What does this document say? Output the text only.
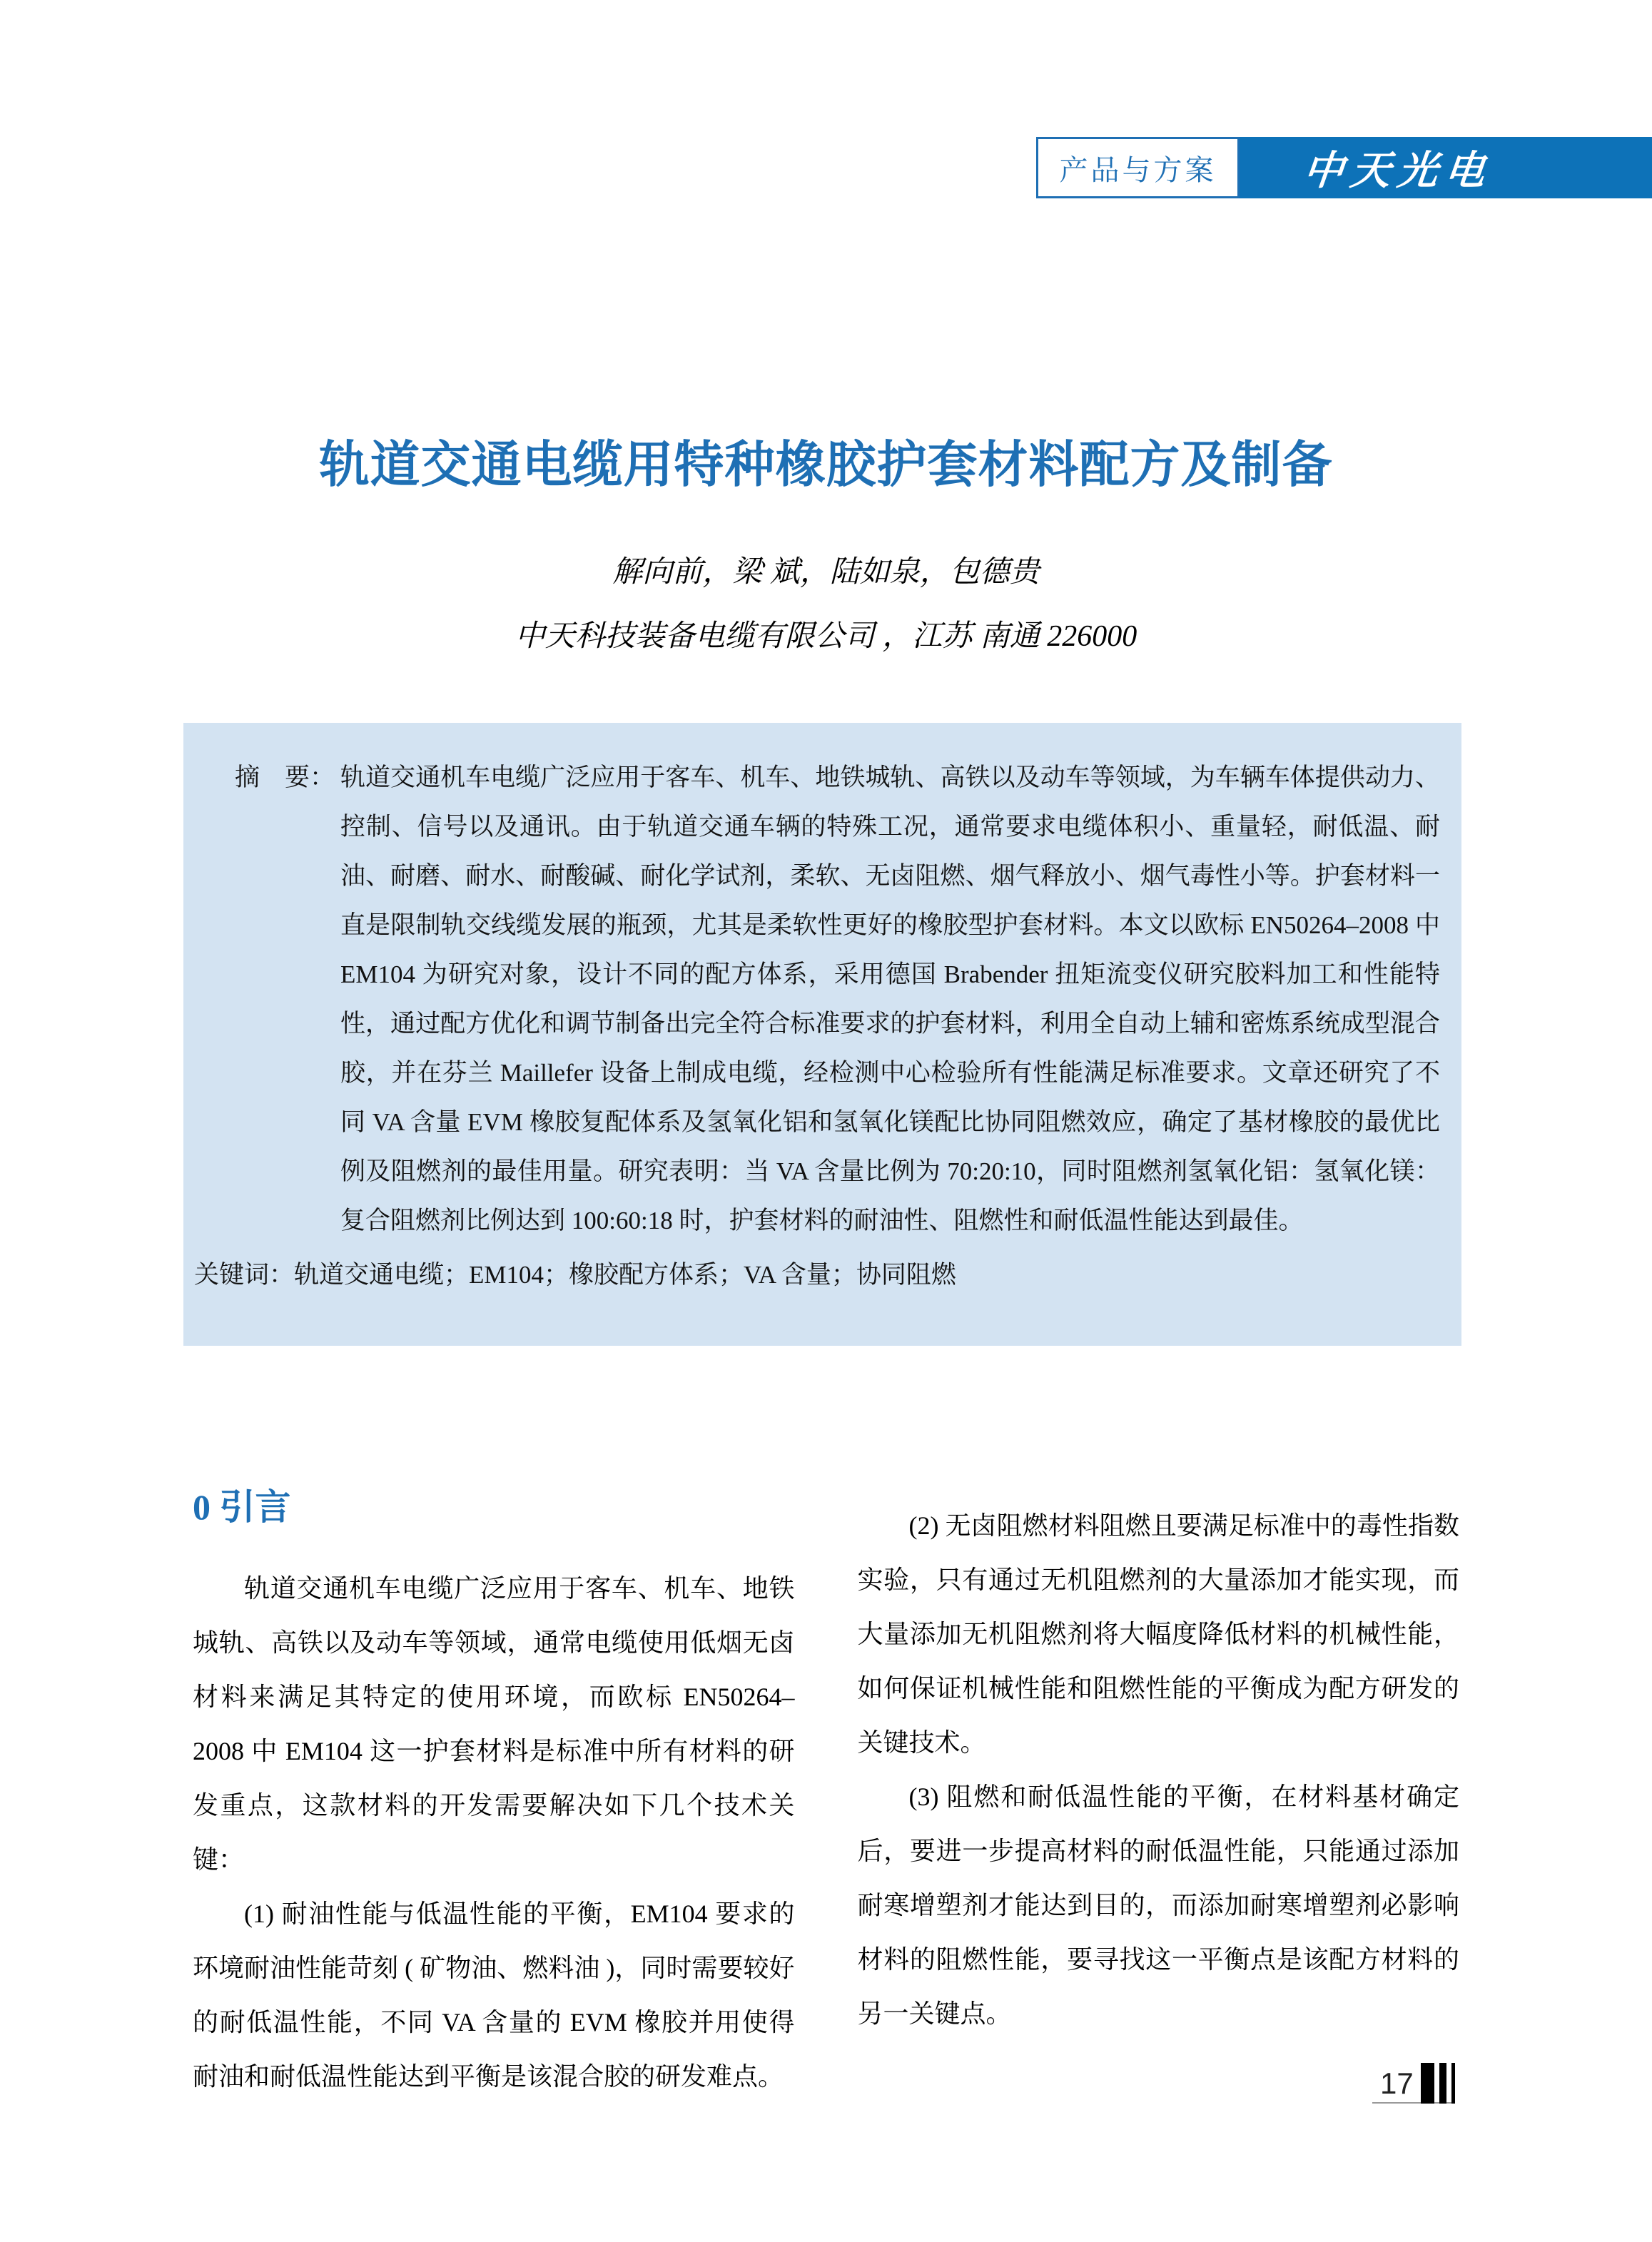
产品与方案 中天光电
轨道交通电缆用特种橡胶护套材料配方及制备

解向前，梁 斌，陆如泉，包德贵

中天科技装备电缆有限公司 ，江苏 南通 226000

摘　要： 轨道交通机车电缆广泛应用于客车、机车、地铁城轨、高铁以及动车等领域，为车辆车体提供动力、控制、信号以及通讯。由于轨道交通车辆的特殊工况，通常要求电缆体积小、重量轻，耐低温、耐油、耐磨、耐水、耐酸碱、耐化学试剂，柔软、无卤阻燃、烟气释放小、烟气毒性小等。护套材料一直是限制轨交线缆发展的瓶颈，尤其是柔软性更好的橡胶型护套材料。本文以欧标 EN50264–2008 中 EM104 为研究对象，设计不同的配方体系，采用德国 Brabender 扭矩流变仪研究胶料加工和性能特性，通过配方优化和调节制备出完全符合标准要求的护套材料，利用全自动上辅和密炼系统成型混合胶，并在芬兰 Maillefer 设备上制成电缆，经检测中心检验所有性能满足标准要求。文章还研究了不同 VA 含量 EVM 橡胶复配体系及氢氧化铝和氢氧化镁配比协同阻燃效应，确定了基材橡胶的最优比例及阻燃剂的最佳用量。研究表明：当 VA 含量比例为 70:20:10，同时阻燃剂氢氧化铝：氢氧化镁：复合阻燃剂比例达到 100:60:18 时，护套材料的耐油性、阻燃性和耐低温性能达到最佳。
关键词：轨道交通电缆；EM104；橡胶配方体系；VA 含量；协同阻燃
0 引言

轨道交通机车电缆广泛应用于客车、机车、地铁城轨、高铁以及动车等领域，通常电缆使用低烟无卤材料来满足其特定的使用环境，而欧标 EN50264–2008 中 EM104 这一护套材料是标准中所有材料的研发重点，这款材料的开发需要解决如下几个技术关键：

(1) 耐油性能与低温性能的平衡，EM104 要求的环境耐油性能苛刻 ( 矿物油、燃料油 )，同时需要较好的耐低温性能，不同 VA 含量的 EVM 橡胶并用使得耐油和耐低温性能达到平衡是该混合胶的研发难点。

(2) 无卤阻燃材料阻燃且要满足标准中的毒性指数实验，只有通过无机阻燃剂的大量添加才能实现，而大量添加无机阻燃剂将大幅度降低材料的机械性能，如何保证机械性能和阻燃性能的平衡成为配方研发的关键技术。

(3) 阻燃和耐低温性能的平衡，在材料基材确定后，要进一步提高材料的耐低温性能，只能通过添加耐寒增塑剂才能达到目的，而添加耐寒增塑剂必影响材料的阻燃性能，要寻找这一平衡点是该配方材料的另一关键点。

17
